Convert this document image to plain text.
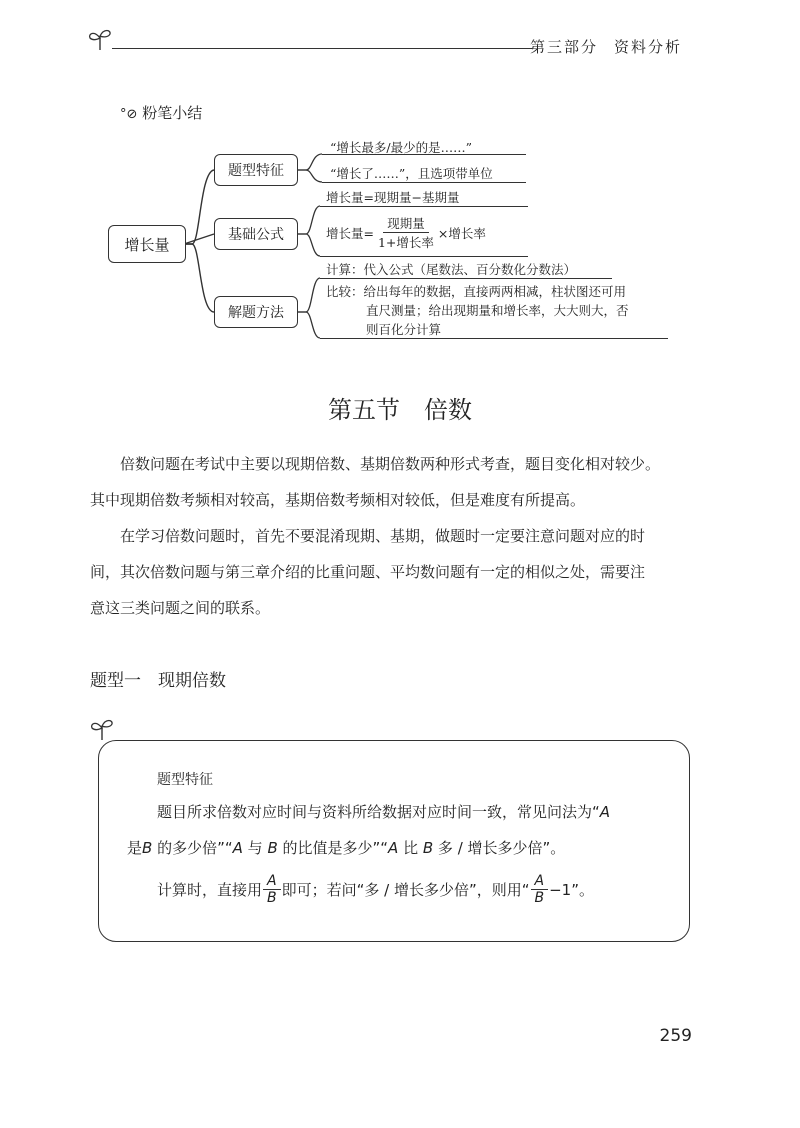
第三部分 资料分析
°⊘ 粉笔小结
增长量
题型特征
基础公式
解题方法
“增长最多/最少的是……”
“增长了……”，且选项带单位
增长量=现期量−基期量
增长量= $\frac{\text{现期量}}{\text{1+增长率}}$ ×增长率
计算：代入公式（尾数法、百分数化分数法）
比较：给出每年的数据，直接两两相减，柱状图还可用
直尺测量；给出现期量和增长率，大大则大，否
则百化分计算
第五节　倍数
倍数问题在考试中主要以现期倍数、基期倍数两种形式考查，题目变化相对较少。
其中现期倍数考频相对较高，基期倍数考频相对较低，但是难度有所提高。
在学习倍数问题时，首先不要混淆现期、基期，做题时一定要注意问题对应的时
间，其次倍数问题与第三章介绍的比重问题、平均数问题有一定的相似之处，需要注
意这三类问题之间的联系。
题型一　现期倍数
题型特征
题目所求倍数对应时间与资料所给数据对应时间一致，常见问法为“A
是B 的多少倍”“A 与 B 的比值是多少”“A 比 B 多 / 增长多少倍”。
计算时，直接用 $\frac{A}{B}$ 即可；若问“多 / 增长多少倍”，则用“ $\frac{A}{B} -1$”。
259
